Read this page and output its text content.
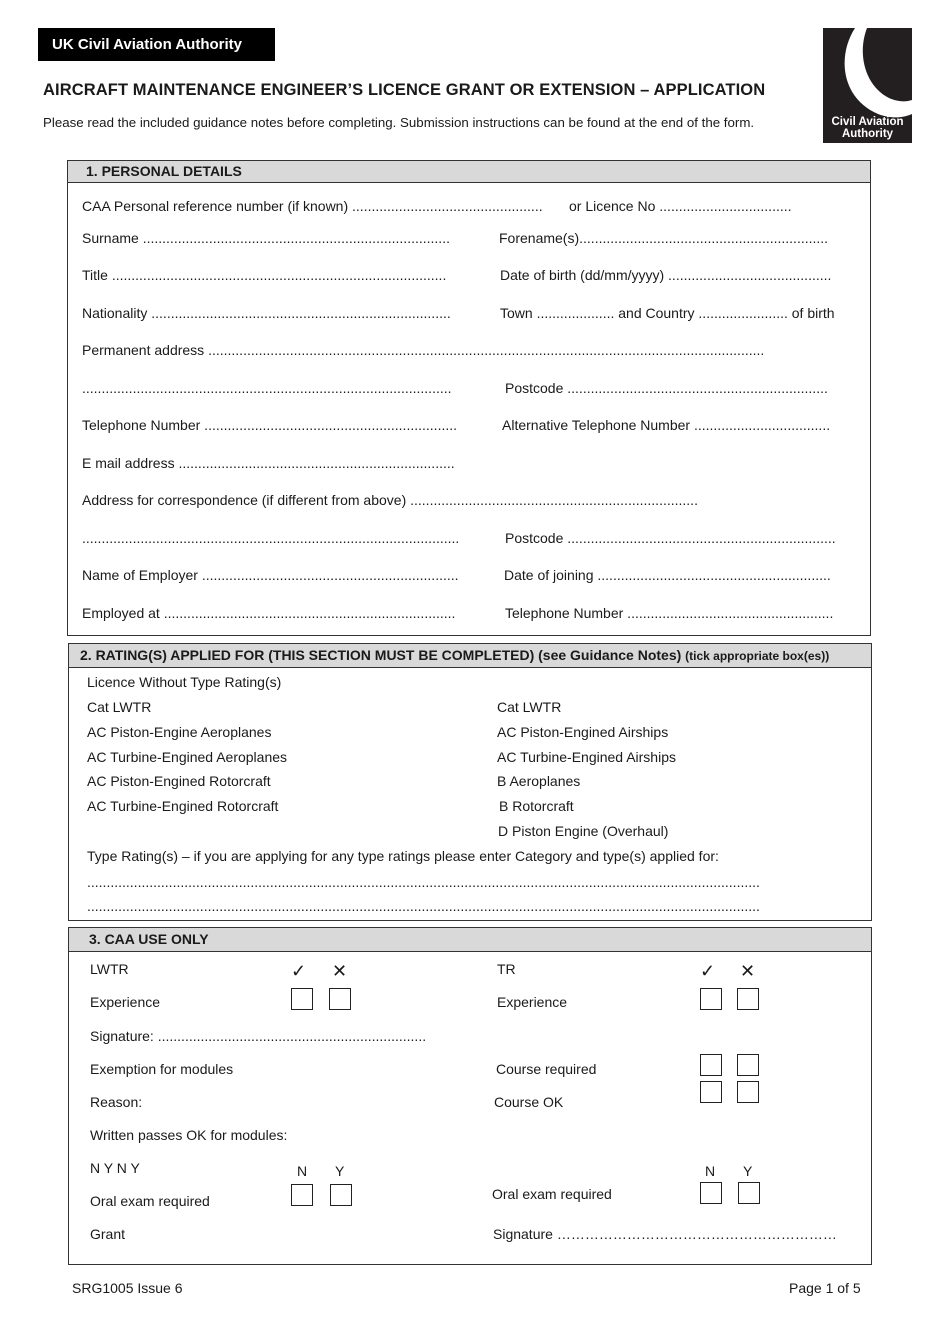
UK Civil Aviation Authority
Civil Aviation
Authority
AIRCRAFT MAINTENANCE ENGINEER’S LICENCE GRANT OR EXTENSION – APPLICATION
Please read the included guidance notes before completing. Submission instructions can be found at the end of the form.
1. PERSONAL DETAILS
CAA Personal reference number (if known) ................................................. or Licence No ..................................
Surname ...............................................................................	Forename(s)................................................................
Title ......................................................................................	Date of birth (dd/mm/yyyy) ..........................................
Nationality .............................................................................	Town .................... and Country ....................... of birth
Permanent address ...............................................................................................................................................
...............................................................................................	Postcode ...................................................................
Telephone Number .................................................................	Alternative Telephone Number ...................................
E mail address .......................................................................
Address for correspondence (if different from above) ..........................................................................
.................................................................................................	Postcode .....................................................................
Name of Employer ..................................................................	Date of joining ............................................................
Employed at ...........................................................................	Telephone Number .....................................................
2. RATING(S) APPLIED FOR (THIS SECTION MUST BE COMPLETED) (see Guidance Notes) (tick appropriate box(es))
Licence Without Type Rating(s)
Cat LWTR
AC Piston-Engine Aeroplanes
AC Turbine-Engined Aeroplanes
AC Piston-Engined Rotorcraft
AC Turbine-Engined Rotorcraft
Cat LWTR
AC Piston-Engined Airships
AC Turbine-Engined Airships
B Aeroplanes
B Rotorcraft
D Piston Engine (Overhaul)
Type Rating(s) – if you are applying for any type ratings please enter Category and type(s) applied for:
.............................................................................................................................................................................
.............................................................................................................................................................................
3. CAA USE ONLY
LWTR	✓ ✕	TR	✓ ✕
Experience	Experience
Signature: .....................................................................
Exemption for modules	Course required
Reason:	Course OK
Written passes OK for modules:
N Y N Y	N Y	N Y
Oral exam required	Oral exam required
Grant	Signature ……………………………………………………
SRG1005 Issue 6	Page 1 of 5
